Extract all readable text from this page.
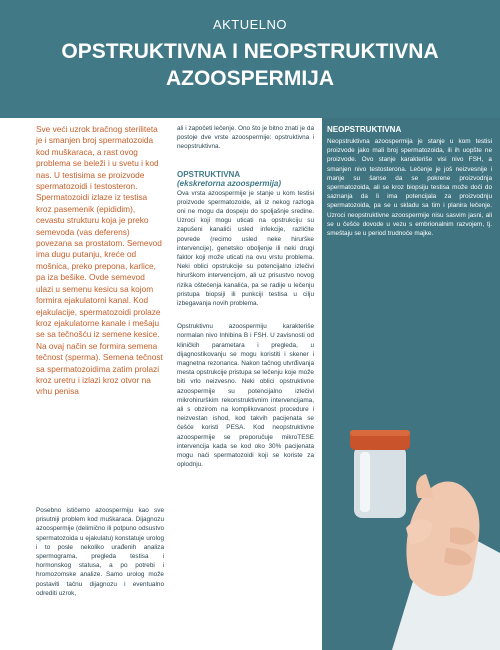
AKTUELNO
OPSTRUKTIVNA I NEOPSTRUKTIVNA
AZOOSPERMIJA

Sve veći uzrok bračnog steriliteta je i smanjen broj spermatozoida kod muškaraca, a rast ovog problema se beleži i u svetu i kod nas. U testisima se proizvode spermatozoidi i testosteron. Spermatozoidi izlaze iz testisa kroz pasemenik (epididim), cevastu strukturu koja je preko semevoda (vas deferens) povezana sa prostatom. Semevod ima dugu putanju, kreće od mošnica, preko prepona, karlice, pa iza bešike. Ovde semevod ulazi u semenu kesicu sa kojom formira ejakulatorni kanal. Kod ejakulacije, spermatozoidi prolaze kroz ejakulatorne kanale i mešaju se sa tečnošću iz semene kesice. Na ovaj način se formira semena tečnost (sperma). Semena tečnost sa spermatozoidima zatim prolazi kroz uretru i izlazi kroz otvor na vrhu penisa

Posebno ističemo azoospermiju kao sve prisutniji problem kod muškaraca. Dijagnozu azoospermije (delimično ili potpuno odsustvo spermatozoida u ejakulatu) konstatuje urolog i to posle nekoliko urađenih analiza spermograma, pregleda testisa i hormonskog statusa, a po potrebi i hromozomske analize. Samo urolog može postaviti tačnu dijagnozu i eventualno odrediti uzrok,

ali i započeti lečenje. Ono što je bitno znati je da postoje dve vrste azoospermije: opstruktivna i neopstruktivna.

OPSTRUKTIVNA
(ekskretorna azoospermija)

Ova vrsta azoospermije je stanje u kom testisi proizvode spermatozoide, ali iz nekog razloga oni ne mogu da dospeju do spoljašnje sredine. Uzroci koji mogu uticati na opstrukciju su zapušeni kanalići usled infekcije, različite povrede (recimo usled neke hirurške intervencije), genetsko oboljenje ili neki drugi faktor koji može uticati na ovu vrstu problema. Neki oblici opstrukcije su potencijalno izlečivi hirurškom intervencijom, ali uz prisustvo novog rizika oštećenja kanalića, pa se radije u lečenju pristupa biopsiji ili punkciji testisa u cilju izbegavanja novih problema.

Opstruktivnu azoospermiju karakteriše normalan nivo Inhibina B i FSH. U zavisnosti od kliničkih parametara i pregleda, u dijagnostikovanju se mogu koristiti i skener i magnetna rezonanca. Nakon tačnog utvrđivanja mesta opstrukcije pristupa se lečenju koje može biti vrlo neizvesno. Neki oblici opstruktivne azoospermije su potencijalno izlečivi mikrohirurškim rekonstruktivnim intervencijama, ali s obzirom na komplikovanost procedure i neizvestan ishod, kod takvih pacijenata se češće koristi PESA. Kod neopstruktivne azoospermije se preporučuje mikroTESE intervencija kada se kod oko 30% pacijenata mogu naći spermatozoidi koji se koriste za oplodnju.

NEOPSTRUKTIVNA

Neopstruktivna azoospermija je stanje u kom testisi proizvode jako mali broj spermatozoida, ili ih uopšte ne proizvode. Ovo stanje karakteriše visi nivo FSH, a smanjen nivo testosterona. Lečenje je još neizvesnije i manje su šanse da se pokrene proizvodnja spermatozoida, ali se kroz biopsiju testisa može doći do saznanja da li ima potencijala za proizvodnju spermatozoida, pa se u skladu sa tim i planira lečenje. Uzroci neopstruktivne azoospermije nisu sasvim jasni, ali se u češće dovode u vezu s embrionalnim razvojem, tj. smeštaju se u period trudnoće majke.
